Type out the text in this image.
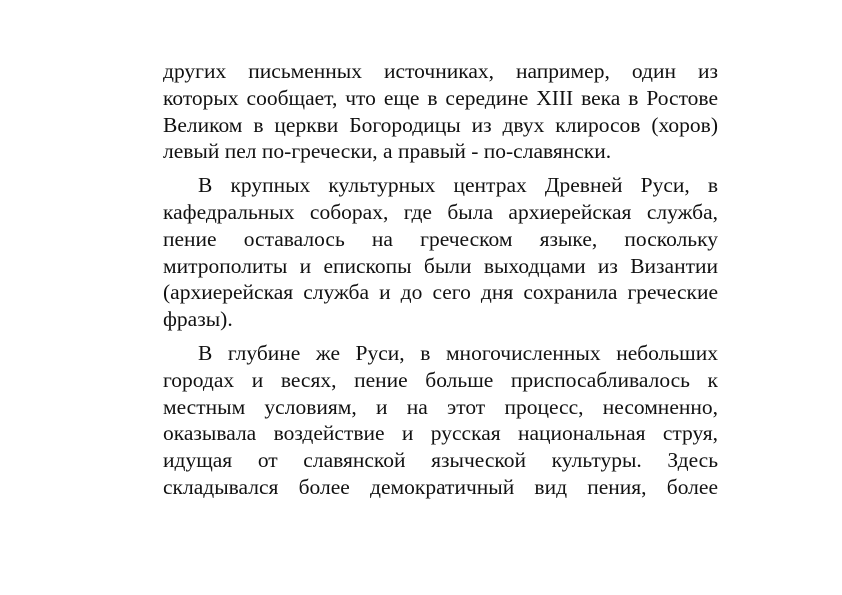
других письменных источниках, например, один из
которых сообщает, что еще в середине XIII века в Ростове
Великом в церкви Богородицы из двух клиросов (хоров)
левый пел по-гречески, а правый - по-славянски.
В крупных культурных центрах Древней Руси, в
кафедральных соборах, где была архиерейская служба,
пение оставалось на греческом языке, поскольку
митрополиты и епископы были выходцами из Византии
(архиерейская служба и до сего дня сохранила греческие
фразы).
В глубине же Руси, в многочисленных небольших
городах и весях, пение больше приспосабливалось к
местным условиям, и на этот процесс, несомненно,
оказывала воздействие и русская национальная струя,
идущая от славянской языческой культуры. Здесь
складывался более демократичный вид пения, более
